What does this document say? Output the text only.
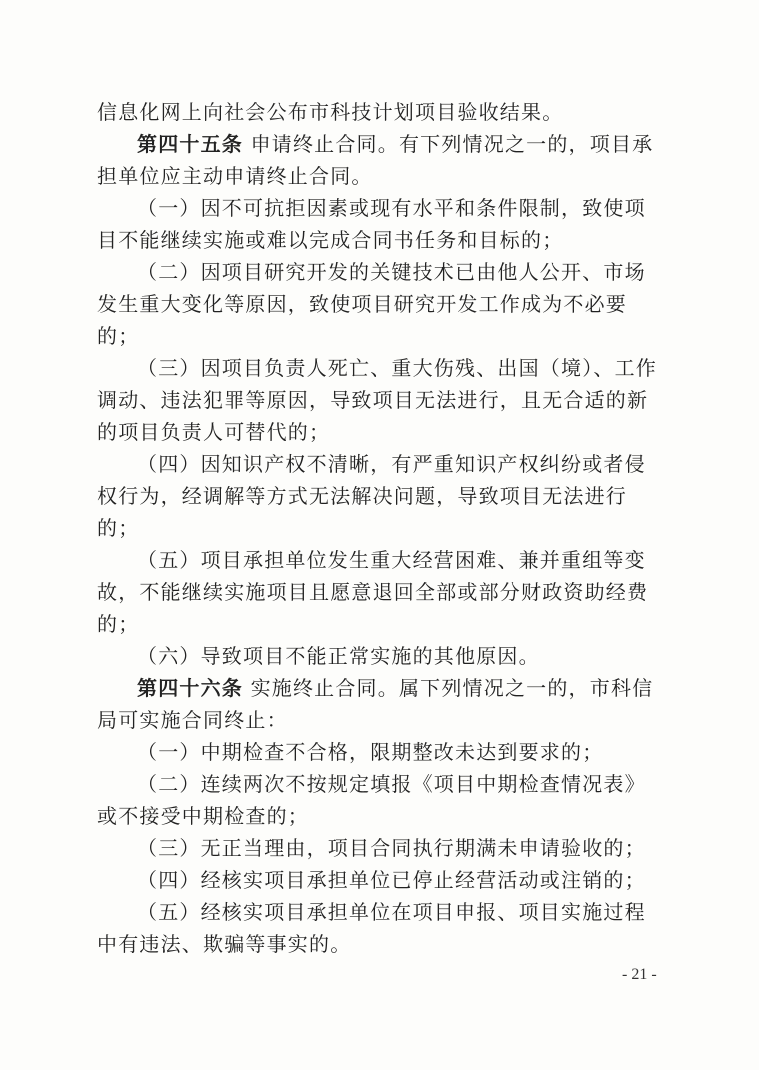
信息化网上向社会公布市科技计划项目验收结果。

第四十五条 申请终止合同。有下列情况之一的，项目承担单位应主动申请终止合同。

（一）因不可抗拒因素或现有水平和条件限制，致使项目不能继续实施或难以完成合同书任务和目标的；

（二）因项目研究开发的关键技术已由他人公开、市场发生重大变化等原因，致使项目研究开发工作成为不必要的；

（三）因项目负责人死亡、重大伤残、出国（境）、工作调动、违法犯罪等原因，导致项目无法进行，且无合适的新的项目负责人可替代的；

（四）因知识产权不清晰，有严重知识产权纠纷或者侵权行为，经调解等方式无法解决问题，导致项目无法进行的；

（五）项目承担单位发生重大经营困难、兼并重组等变故，不能继续实施项目且愿意退回全部或部分财政资助经费的；

（六）导致项目不能正常实施的其他原因。

第四十六条 实施终止合同。属下列情况之一的，市科信局可实施合同终止：

（一）中期检查不合格，限期整改未达到要求的；

（二）连续两次不按规定填报《项目中期检查情况表》或不接受中期检查的；

（三）无正当理由，项目合同执行期满未申请验收的；

（四）经核实项目承担单位已停止经营活动或注销的；

（五）经核实项目承担单位在项目申报、项目实施过程中有违法、欺骗等事实的。

- 21 -
